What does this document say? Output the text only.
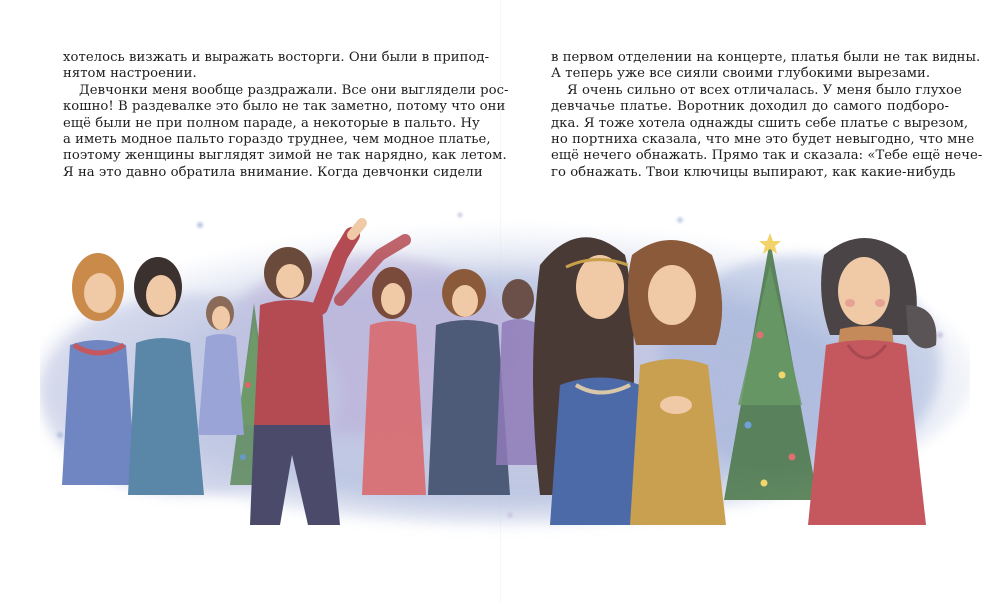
хотелось визжать и выражать восторги. Они были в припод-
нятом настроении.
Девчонки меня вообще раздражали. Все они выглядели рос-
кошно! В раздевалке это было не так заметно, потому что они
ещё были не при полном параде, а некоторые в пальто. Ну
а иметь модное пальто гораздо труднее, чем модное платье,
поэтому женщины выглядят зимой не так нарядно, как летом.
Я на это давно обратила внимание. Когда девчонки сидели
в первом отделении на концерте, платья были не так видны.
А теперь уже все сияли своими глубокими вырезами.
Я очень сильно от всех отличалась. У меня было глухое
девчачье платье. Воротник доходил до самого подборо-
дка. Я тоже хотела однажды сшить себе платье с вырезом,
но портниха сказала, что мне это будет невыгодно, что мне
ещё нечего обнажать. Прямо так и сказала: «Тебе ещё нече-
го обнажать. Твои ключицы выпирают, как какие-нибудь
